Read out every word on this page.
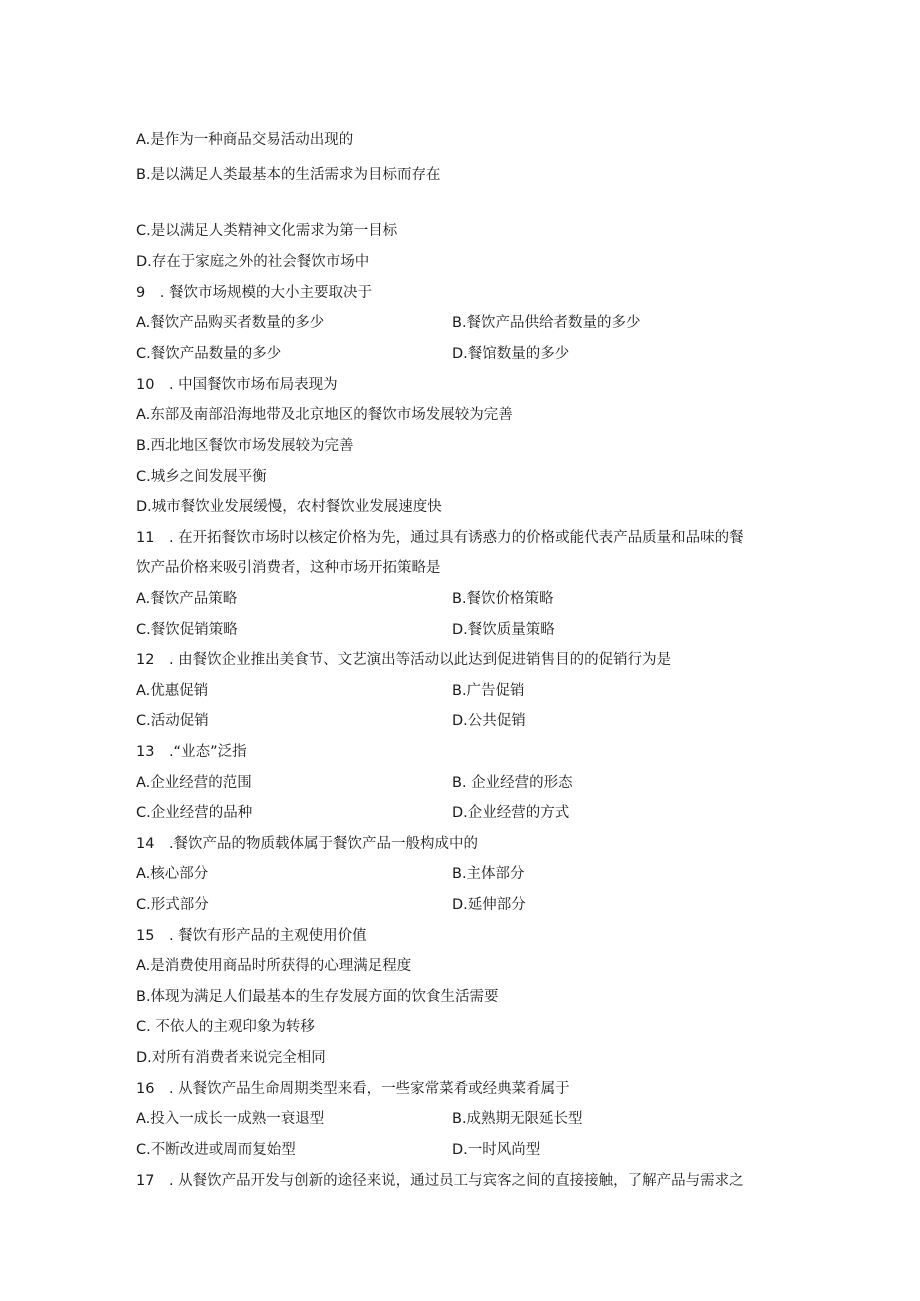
A.是作为一种商品交易活动出现的
B.是以满足人类最基本的生活需求为目标而存在
C.是以满足人类精神文化需求为第一目标
D.存在于家庭之外的社会餐饮市场中
9　. 餐饮市场规模的大小主要取决于
A.餐饮产品购买者数量的多少	B.餐饮产品供给者数量的多少
C.餐饮产品数量的多少	D.餐馆数量的多少
10　. 中国餐饮市场布局表现为
A.东部及南部沿海地带及北京地区的餐饮市场发展较为完善
B.西北地区餐饮市场发展较为完善
C.城乡之间发展平衡
D.城市餐饮业发展缓慢，农村餐饮业发展速度快
11　. 在开拓餐饮市场时以核定价格为先，通过具有诱惑力的价格或能代表产品质量和品味的餐
饮产品价格来吸引消费者，这种市场开拓策略是
A.餐饮产品策略	B.餐饮价格策略
C.餐饮促销策略	D.餐饮质量策略
12　. 由餐饮企业推出美食节、文艺演出等活动以此达到促进销售目的的促销行为是
A.优惠促销	B.广告促销
C.活动促销	D.公共促销
13　.“业态”泛指
A.企业经营的范围	B. 企业经营的形态
C.企业经营的品种	D.企业经营的方式
14　.餐饮产品的物质载体属于餐饮产品一般构成中的
A.核心部分	B.主体部分
C.形式部分	D.延伸部分
15　. 餐饮有形产品的主观使用价值
A.是消费使用商品时所获得的心理满足程度
B.体现为满足人们最基本的生存发展方面的饮食生活需要
C. 不依人的主观印象为转移
D.对所有消费者来说完全相同
16　. 从餐饮产品生命周期类型来看，一些家常菜肴或经典菜肴属于
A.投入一成长一成熟一衰退型	B.成熟期无限延长型
C.不断改进或周而复始型	D.一时风尚型
17　. 从餐饮产品开发与创新的途径来说，通过员工与宾客之间的直接接触，了解产品与需求之
